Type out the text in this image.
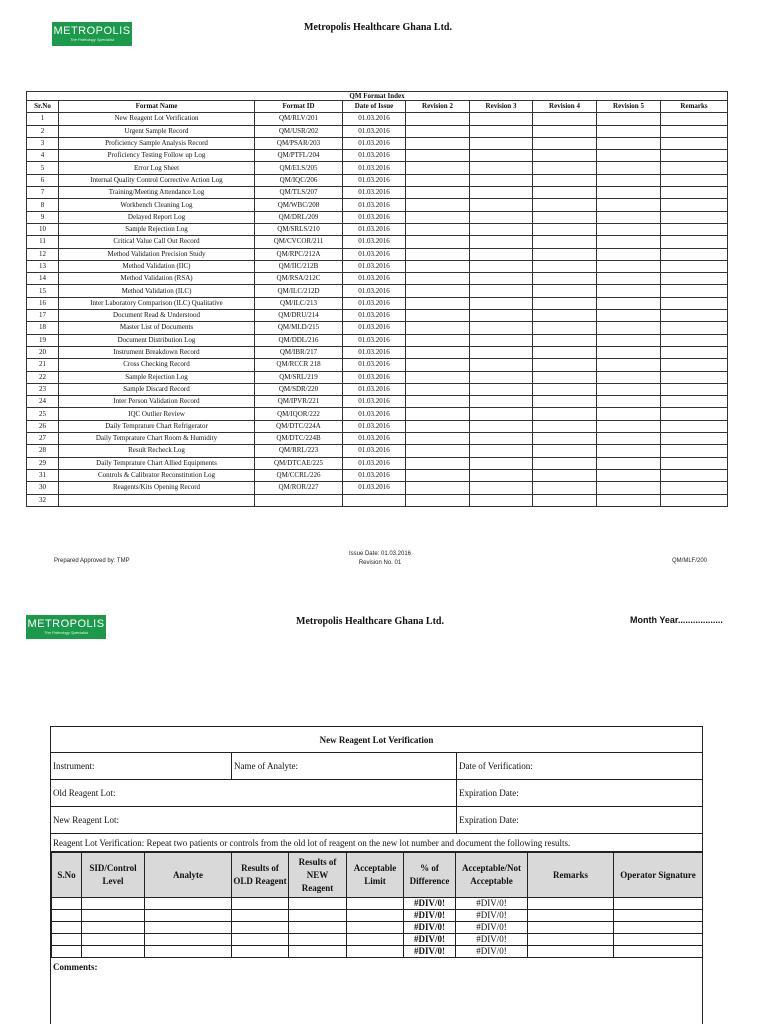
METROPOLIS
The Pathology Specialist
Metropolis Healthcare Ghana Ltd.
QM Format Index								
Sr.No	Format Name	Format ID	Date of Issue	Revision 2	Revision 3	Revision 4	Revision 5	Remarks
1	New Reagent Lot Verification	QM/RLV/201	01.03.2016					
2	Urgent Sample Record	QM/USR/202	01.03.2016					
3	Proficiency Sample Analysis Record	QM/PSAR/203	01.03.2016					
4	Proficiency Testing Follow up Log	QM/PTFL/204	01.03.2016					
5	Error Log Sheet	QM/ELS/205	01.03.2016					
6	Internal Quality Control Corrective Action Log	QM/IQC/206	01.03.2016					
7	Training/Meeting Attendance Log	QM/TLS/207	01.03.2016					
8	Workbench Cleaning Log	QM/WBC/208	01.03.2016					
9	Delayed Report Log	QM/DRL/209	01.03.2016					
10	Sample Rejection Log	QM/SRLS/210	01.03.2016					
11	Critical Value Call Out Record	QM/CVCOR/211	01.03.2016					
12	Method Validation Precision Study	QM/RPC/212A	01.03.2016					
13	Method Validation (IIC)	QM/IIC/212B	01.03.2016					
14	Method Validation (RSA)	QM/RSA/212C	01.03.2016					
15	Method Validation (ILC)	QM/ILC/212D	01.03.2016					
16	Inter Laboratory Comparison (ILC) Qualitative	QM/ILC/213	01.03.2016					
17	Document Read & Understood	QM/DRU/214	01.03.2016					
18	Master List of Documents	QM/MLD/215	01.03.2016					
19	Document Distribution Log	QM/DDL/216	01.03.2016					
20	Instrument Breakdown Record	QM/IBR/217	01.03.2016					
21	Cross Checking Record	QM/RCCR 218	01.03.2016					
22	Sample Rejection Log	QM/SRL/219	01.03.2016					
23	Sample Discard Record	QM/SDR/220	01.03.2016					
24	Inter Person Validation Record	QM/IPVR/221	01.03.2016					
25	IQC Outlier Review	QM/IQOR/222	01.03.2016					
26	Daily Temprature Chart Refrigerator	QM/DTC/224A	01.03.2016					
27	Daily Temprature Chart Room & Humidity	QM/DTC/224B	01.03.2016					
28	Result Recheck Log	QM/RRL/223	01.03.2016					
29	Daily Temprature Chart Allied Equipments	QM/DTCAE/225	01.03.2016					
31	Controls & Calibrator Reconstitution Log	QM/CCRL/226	01.03.2016					
30	Reagents/Kits Opening Record	QM/ROR/227	01.03.2016					
32								
Prepared Approved by: TMP
Issue Date: 01.03.2016
Revision No. 01	QM/MLF/200
METROPOLIS
The Pathology Specialist
Metropolis Healthcare Ghana Ltd.	Month Year..................
New Reagent Lot Verification
Instrument:	Name of Analyte:	Date of Verification:
Old Reagent Lot:	Expiration Date:
New Reagent Lot:	Expiration Date:
Reagent Lot Verification: Repeat two patients or controls from the old lot of reagent on the new lot number and document the following results.
S.No	SID/Control Level	Analyte	Results of OLD Reagent	Results of NEW Reagent	Acceptable Limit	% of Difference	Acceptable/Not Acceptable	Remarks	Operator Signature
						#DIV/0!	#DIV/0!		
						#DIV/0!	#DIV/0!		
						#DIV/0!	#DIV/0!		
						#DIV/0!	#DIV/0!		
						#DIV/0!	#DIV/0!		
Comments:
